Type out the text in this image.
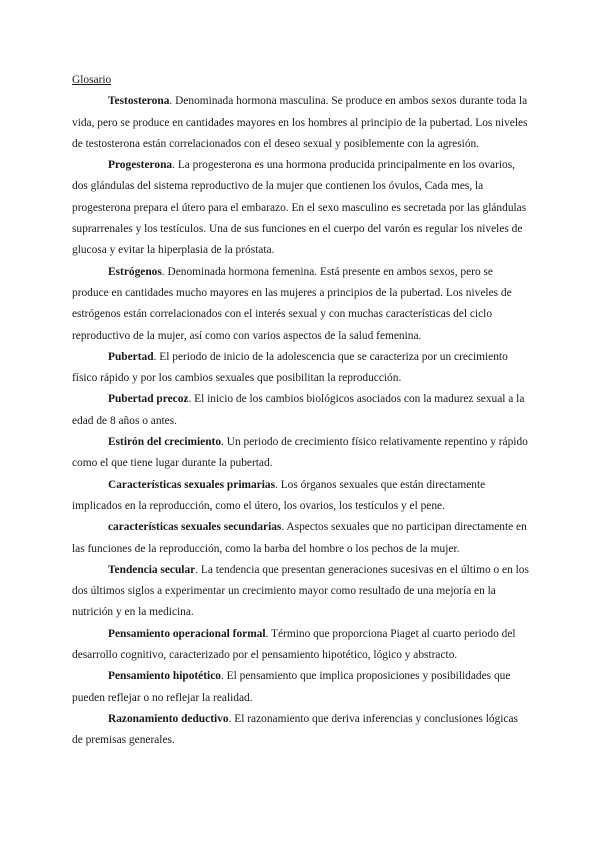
Glosario

Testosterona. Denominada hormona masculina. Se produce en ambos sexos durante toda la vida, pero se produce en cantidades mayores en los hombres al principio de la pubertad. Los niveles de testosterona están correlacionados con el deseo sexual y posiblemente con la agresión.

Progesterona. La progesterona es una hormona producida principalmente en los ovarios, dos glándulas del sistema reproductivo de la mujer que contienen los óvulos, Cada mes, la progesterona prepara el útero para el embarazo. En el sexo masculino es secretada por las glándulas suprarrenales y los testículos. Una de sus funciones en el cuerpo del varón es regular los niveles de glucosa y evitar la hiperplasia de la próstata.

Estrógenos. Denominada hormona femenina. Está presente en ambos sexos, pero se produce en cantidades mucho mayores en las mujeres a principios de la pubertad. Los niveles de estrógenos están correlacionados con el interés sexual y con muchas características del ciclo reproductivo de la mujer, así como con varios aspectos de la salud femenina.

Pubertad. El periodo de inicio de la adolescencia que se caracteriza por un crecimiento físico rápido y por los cambios sexuales que posibilitan la reproducción.

Pubertad precoz. El inicio de los cambios biológicos asociados con la madurez sexual a la edad de 8 años o antes.

Estirón del crecimiento. Un periodo de crecimiento físico relativamente repentino y rápido como el que tiene lugar durante la pubertad.

Características sexuales primarias. Los órganos sexuales que están directamente implicados en la reproducción, como el útero, los ovarios, los testículos y el pene.

características sexuales secundarias. Aspectos sexuales que no participan directamente en las funciones de la reproducción, como la barba del hombre o los pechos de la mujer.

Tendencia secular. La tendencia que presentan generaciones sucesivas en el último o en los dos últimos siglos a experimentar un crecimiento mayor como resultado de una mejoría en la nutrición y en la medicina.

Pensamiento operacional formal. Término que proporciona Piaget al cuarto periodo del desarrollo cognitivo, caracterizado por el pensamiento hipotético, lógico y abstracto.

Pensamiento hipotético. El pensamiento que implica proposiciones y posibilidades que pueden reflejar o no reflejar la realidad.

Razonamiento deductivo. El razonamiento que deriva inferencias y conclusiones lógicas de premisas generales.
